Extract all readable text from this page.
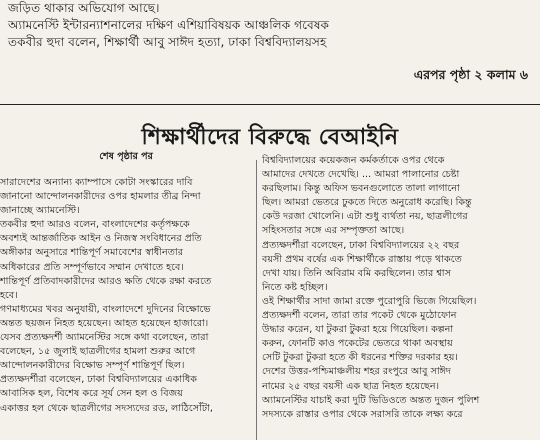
জড়িত থাকার অভিযোগ আছে।

অ্যামনেস্টি ইন্টারন্যাশনালের দক্ষিণ এশিয়াবিষয়ক আঞ্চলিক গবেষক

তকবীর হুদা বলেন, শিক্ষার্থী আবু সাঈদ হত্যা, ঢাকা বিশ্ববিদ্যালয়সহ

এরপর পৃষ্ঠা ২ কলাম ৬
শিক্ষার্থীদের বিরুদ্ধে বেআইনি
শেষ পৃষ্ঠার পর

সারাদেশের অন্যান্য ক্যাম্পাসে কোটা সংস্কারের দাবি

জানানো আন্দোলনকারীদের ওপর হামলার তীব্র নিন্দা

জানাচ্ছে অ্যামনেস্টি।

তকবীর হুদা আরও বলেন, বাংলাদেশের কর্তৃপক্ষকে

অবশ্যই আন্তর্জাতিক আইন ও নিজস্ব সংবিধানের প্রতি

অঙ্গীকার অনুসারে শান্তিপূর্ণ সমাবেশের স্বাধীনতার

অধিকারের প্রতি সম্পূর্ণভাবে সম্মান দেখাতে হবে।

শান্তিপূর্ণ প্রতিবাদকারীদের আরও ক্ষতি থেকে রক্ষা করতে

হবে।

গণমাধ্যমের খবর অনুযায়ী, বাংলাদেশে দুদিনের বিক্ষোভে

অন্তত ছয়জন নিহত হয়েছেন। আহত হয়েছেন হাজারো।

যেসব প্রত্যক্ষদর্শী অ্যামনেস্টির সঙ্গে কথা বলেছেন, তারা

বলেছেন, ১৫ জুলাই ছাত্রলীগের হামলা শুরুর আগে

আন্দোলনকারীদের বিক্ষোভ সম্পূর্ণ শান্তিপূর্ণ ছিল।

প্রত্যক্ষদর্শীরা বলেছেন, ঢাকা বিশ্ববিদ্যালয়ের একাধিক

আবাসিক হল, বিশেষ করে সূর্য সেন হল ও বিজয়

একাত্তর হল থেকে ছাত্রলীগের সদস্যদের রড, লাঠিসোঁটা,

বিশ্ববিদ্যালয়ের কয়েকজন কর্মকর্তাকে ওপর থেকে

আমাদের দেখতে দেখেছি। ... আমরা পালানোর চেষ্টা

করছিলাম। কিন্তু অফিস ভবনগুলোতে তালা লাগানো

ছিল। আমরা ভেতরে ঢুকতে দিতে অনুরোধ করেছি। কিন্তু

কেউ দরজা খোলেনি। এটা শুধু ব্যর্থতা নয়, ছাত্রলীগের

সহিংসতার সঙ্গে এর সম্পৃক্ততা আছে।

প্রত্যক্ষদর্শীরা বলেছেন, ঢাকা বিশ্ববিদ্যালয়ের ২২ বছর

বয়সী প্রথম বর্ষের এক শিক্ষার্থীকে রাস্তায় পড়ে থাকতে

দেখা যায়। তিনি অবিরাম বমি করছিলেন। তার শ্বাস

নিতে কষ্ট হচ্ছিল।

ওই শিক্ষার্থীর সাদা জামা রক্তে পুরোপুরি ভিজে গিয়েছিল।

প্রত্যক্ষদর্শী বলেন, তারা তার পকেট থেকে মুঠোফোন

উদ্ধার করেন, যা টুকরা টুকরা হয়ে গিয়েছিল। কল্পনা

করুন, ফোনটি কাও পকেটের ভেতরে থাকা অবস্থায়

সেটি টুকরা টুকরা হতে কী ধরনের শক্তির দরকার হয়।

দেশের উত্তর-পশ্চিমাঞ্চলীয় শহর রংপুরে আবু সাঈদ

নামের ২৫ বছর বয়সী এক ছাত্র নিহত হয়েছেন।

অ্যামনেস্টির যাচাই করা দুটি ভিডিওতে অন্তত দুজন পুলিশ

সদস্যকে রাস্তার ওপার থেকে সরাসরি তাকে লক্ষ্য করে
